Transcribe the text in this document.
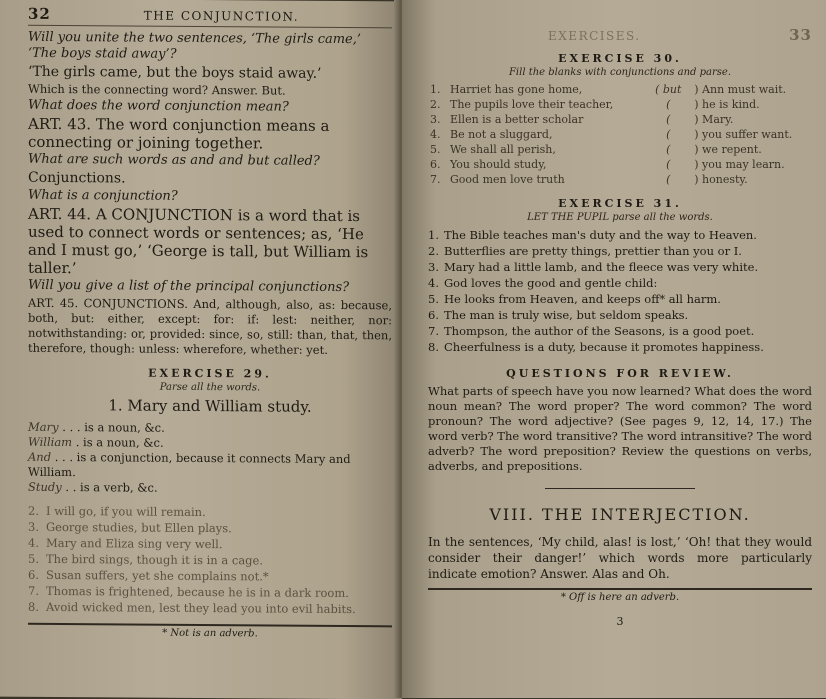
32	THE CONJUNCTION.

Will you unite the two sentences, ‘The girls came,’ ‘The boys staid away’?

‘The girls came, but the boys staid away.’

Which is the connecting word? Answer. But.

What does the word conjunction mean?

ART. 43. The word conjunction means a connecting or joining together.

What are such words as and and but called?

Conjunctions.

What is a conjunction?

ART. 44. A CONJUNCTION is a word that is used to connect words or sentences; as, ‘He and I must go,’ ‘George is tall, but William is taller.’

Will you give a list of the principal conjunctions?

ART. 45. CONJUNCTIONS. And, although, also, as: because, both, but: either, except: for: if: lest: neither, nor: notwithstanding: or, provided: since, so, still: than, that, then, therefore, though: unless: wherefore, whether: yet.

EXERCISE 29.
Parse all the words.
1. Mary and William study.

Mary . . . is a noun, &c.

William . is a noun, &c.

And . . . is a conjunction, because it connects Mary and William.

Study . . is a verb, &c.

2. I will go, if you will remain.

3. George studies, but Ellen plays.

4. Mary and Eliza sing very well.

5. The bird sings, though it is in a cage.

6. Susan suffers, yet she complains not.*

7. Thomas is frightened, because he is in a dark room.

8. Avoid wicked men, lest they lead you into evil habits.

* Not is an adverb.
EXERCISES.	33
EXERCISE 30.
Fill the blanks with conjunctions and parse.
1.	Harriet has gone home,	( but	) Ann must wait.
2.	The pupils love their teacher,	(	) he is kind.
3.	Ellen is a better scholar	(	) Mary.
4.	Be not a sluggard,	(	) you suffer want.
5.	We shall all perish,	(	) we repent.
6.	You should study,	(	) you may learn.
7.	Good men love truth	(	) honesty.
EXERCISE 31.
LET THE PUPIL parse all the words.

1. The Bible teaches man's duty and the way to Heaven.

2. Butterflies are pretty things, prettier than you or I.

3. Mary had a little lamb, and the fleece was very white.

4. God loves the good and gentle child:

5. He looks from Heaven, and keeps off* all harm.

6. The man is truly wise, but seldom speaks.

7. Thompson, the author of the Seasons, is a good poet.

8. Cheerfulness is a duty, because it promotes happiness.

QUESTIONS FOR REVIEW.

What parts of speech have you now learned? What does the word noun mean? The word proper? The word common? The word pronoun? The word adjective? (See pages 9, 12, 14, 17.) The word verb? The word transitive? The word intransitive? The word adverb? The word preposition? Review the questions on verbs, adverbs, and prepositions.

VIII. THE INTERJECTION.

In the sentences, ‘My child, alas! is lost,’ ‘Oh! that they would consider their danger!’ which words more particularly indicate emotion? Answer. Alas and Oh.

* Off is here an adverb.
3
